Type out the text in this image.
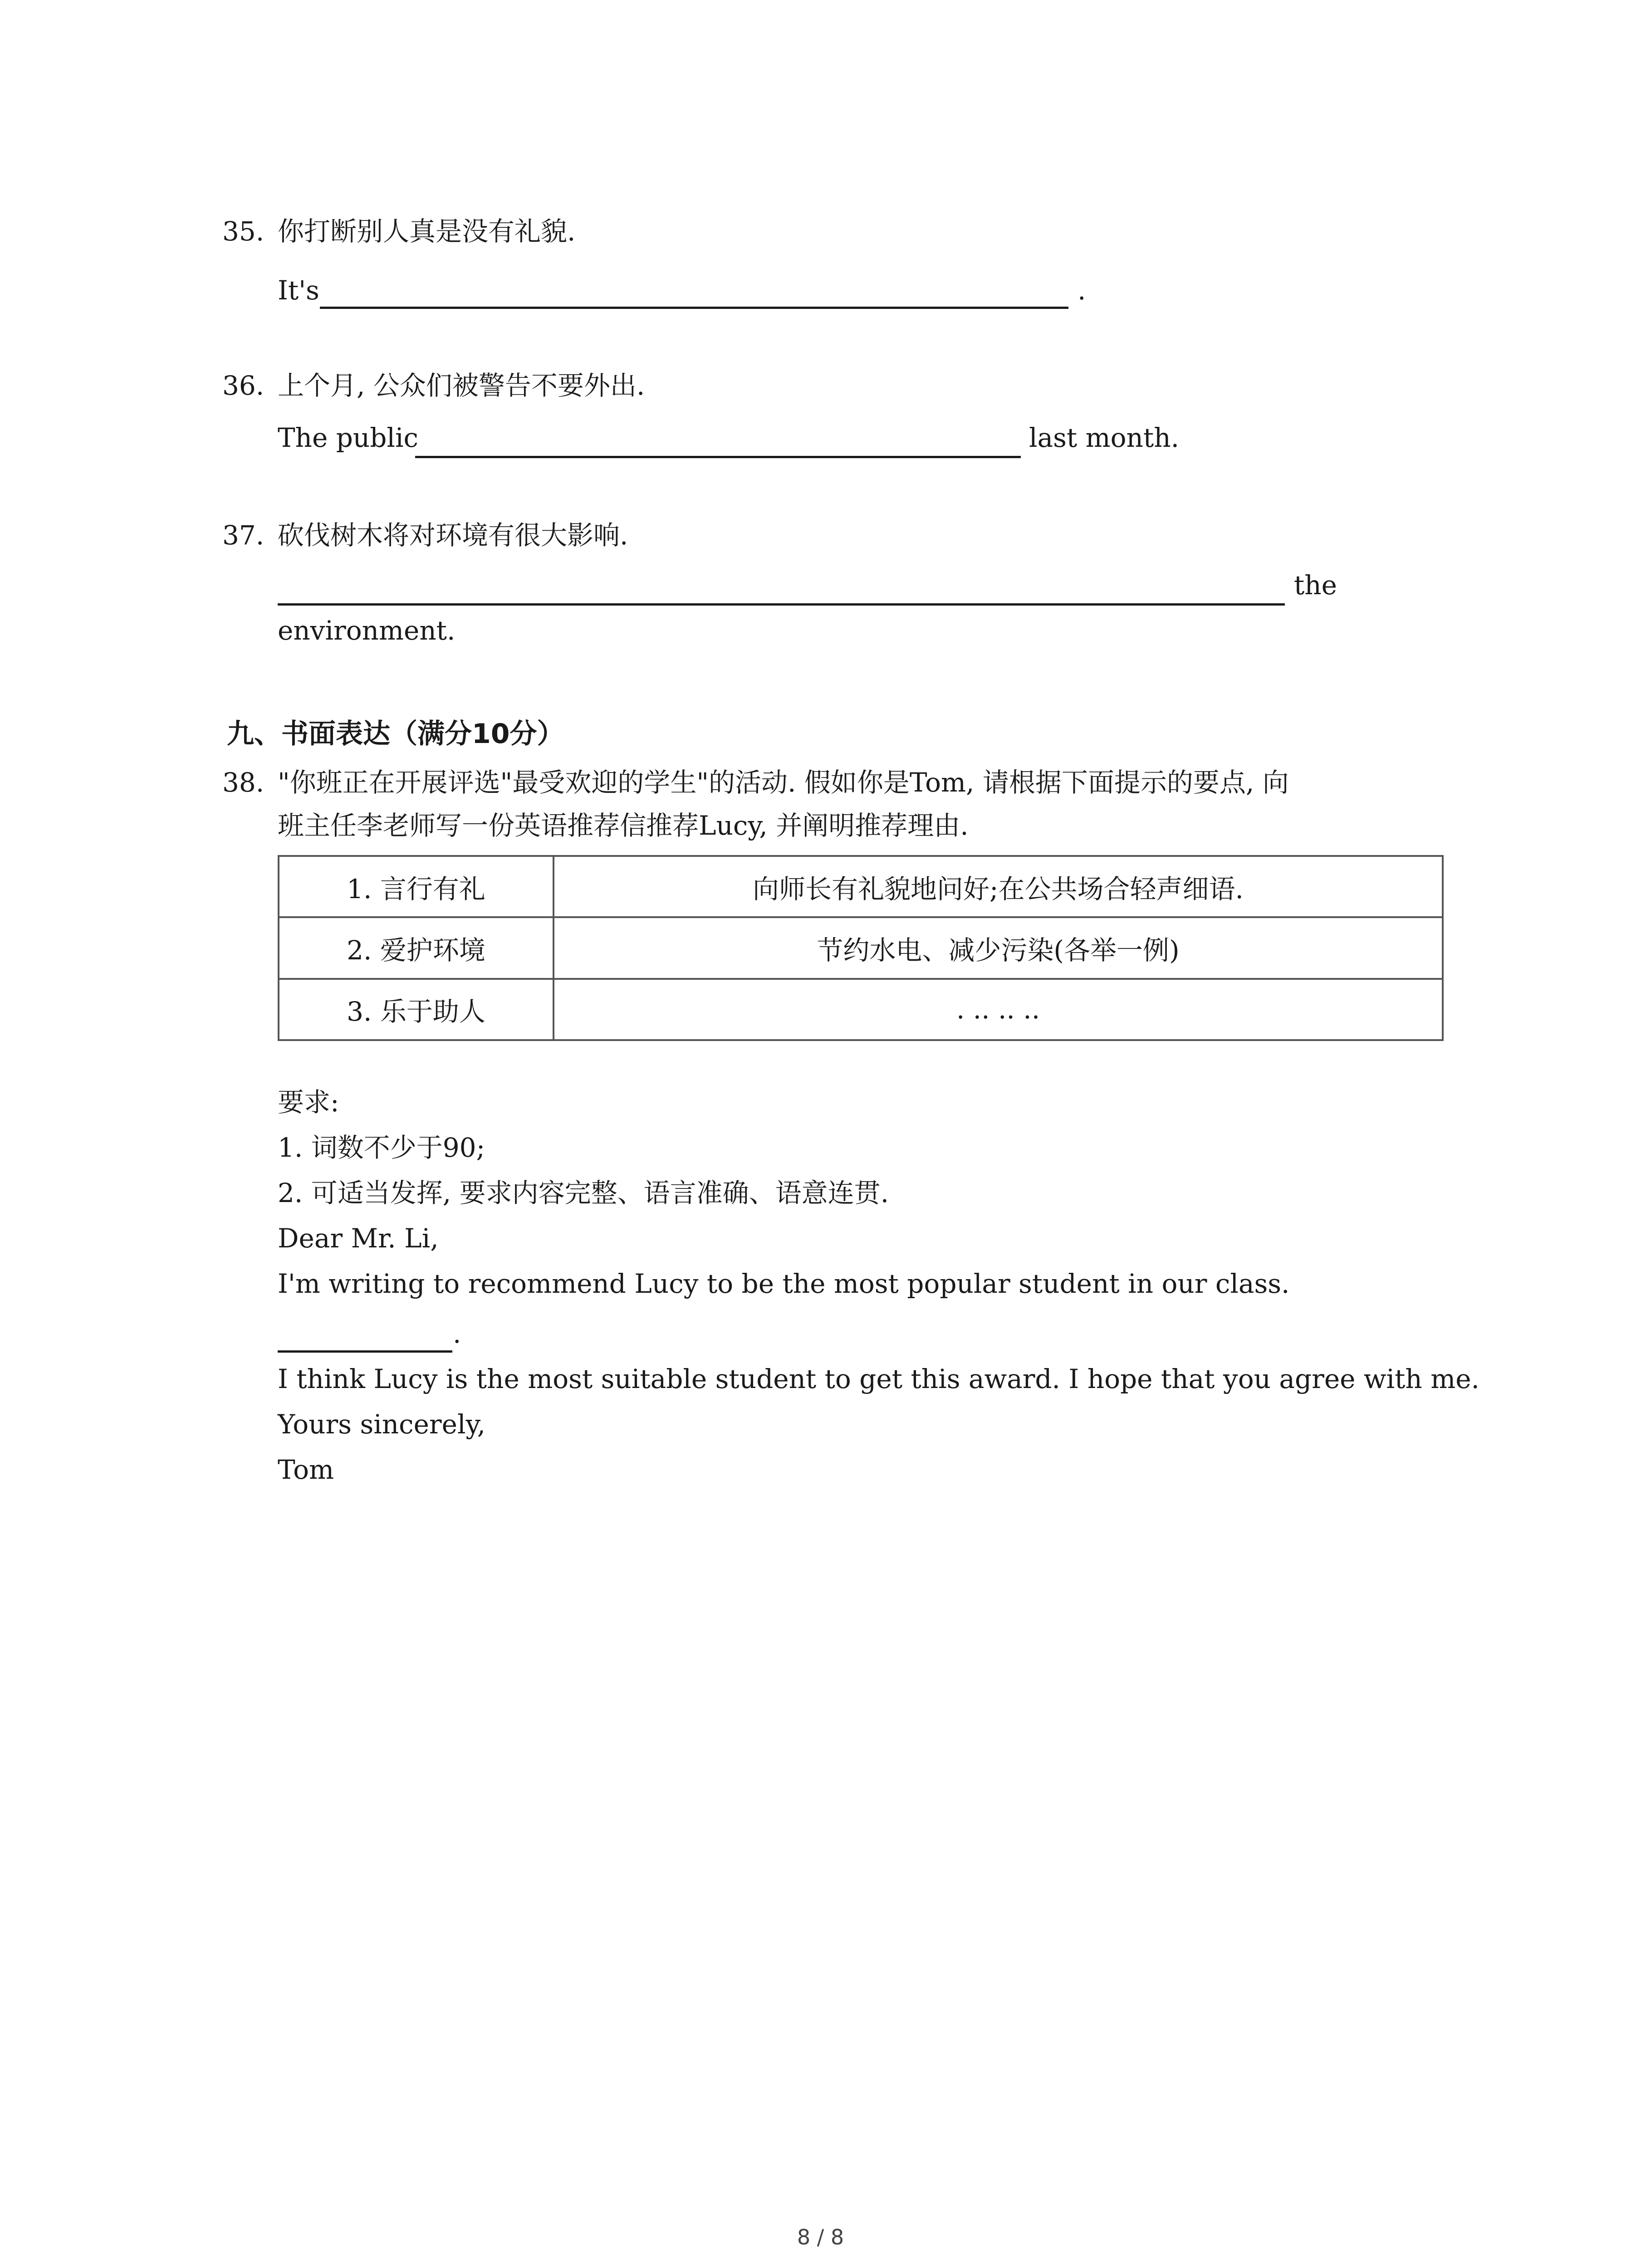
35. 你打断别人真是没有礼貌.
It's	.
36. 上个月, 公众们被警告不要外出.
The public	last month.
37. 砍伐树木将对环境有很大影响.
the
environment.
九、书面表达（满分10分）
38. "你班正在开展评选"最受欢迎的学生"的活动. 假如你是Tom, 请根据下面提示的要点, 向
班主任李老师写一份英语推荐信推荐Lucy, 并阐明推荐理由.
1. 言行有礼	向师长有礼貌地问好;在公共场合轻声细语.
2. 爱护环境	节约水电、减少污染(各举一例)
3. 乐于助人	. .. .. ..
要求:
1. 词数不少于90;
2. 可适当发挥, 要求内容完整、语言准确、语意连贯.
Dear Mr. Li,
I'm writing to recommend Lucy to be the most popular student in our class.
.
I think Lucy is the most suitable student to get this award. I hope that you agree with me.
Yours sincerely,
Tom
8 / 8
